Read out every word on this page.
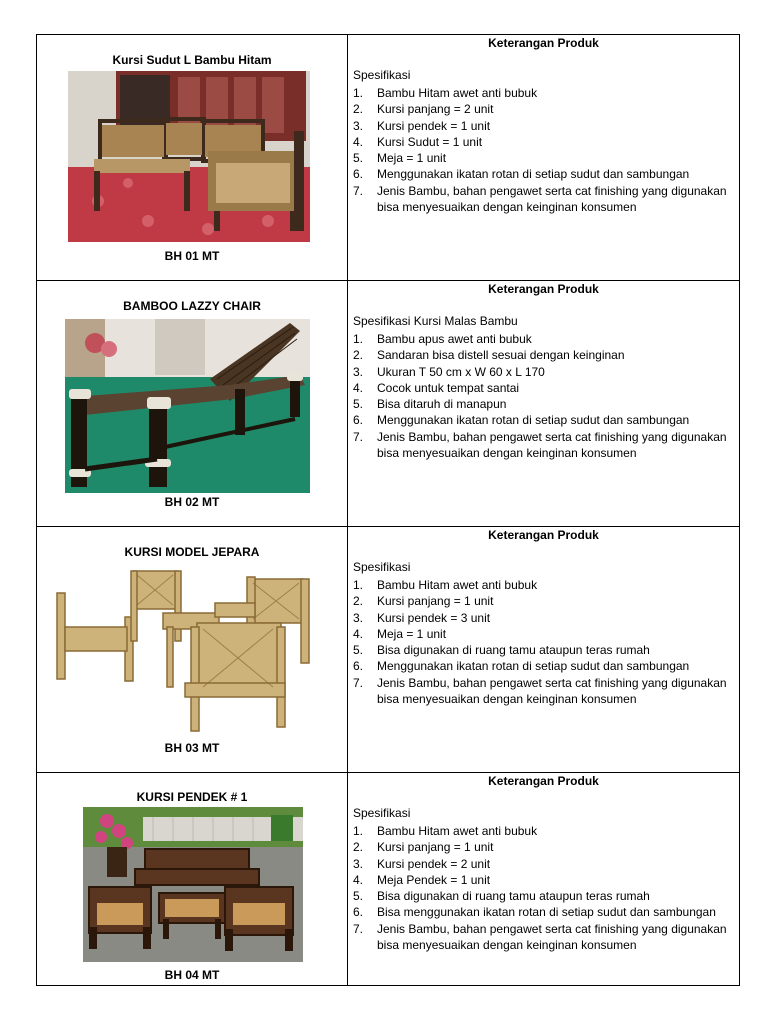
Kursi Sudut L Bambu Hitam
BH 01 MT
Keterangan Produk
Spesifikasi
1. Bambu Hitam awet anti bubuk
2. Kursi panjang = 2 unit
3. Kursi pendek = 1 unit
4. Kursi Sudut = 1 unit
5. Meja = 1 unit
6. Menggunakan ikatan rotan di setiap sudut dan sambungan
7. Jenis Bambu, bahan pengawet serta cat finishing yang digunakan bisa menyesuaikan dengan keinginan konsumen
BAMBOO LAZZY CHAIR
BH 02 MT
Keterangan Produk
Spesifikasi Kursi Malas Bambu
1. Bambu apus awet anti bubuk
2. Sandaran bisa distell sesuai dengan keinginan
3. Ukuran T 50 cm x W 60 x L 170
4. Cocok untuk tempat santai
5. Bisa ditaruh di manapun
6. Menggunakan ikatan rotan di setiap sudut dan sambungan
7. Jenis Bambu, bahan pengawet serta cat finishing yang digunakan bisa menyesuaikan dengan keinginan konsumen
KURSI MODEL JEPARA
BH 03 MT
Keterangan Produk
Spesifikasi
1. Bambu Hitam awet anti bubuk
2. Kursi panjang = 1 unit
3. Kursi pendek = 3 unit
4. Meja = 1 unit
5. Bisa digunakan di ruang tamu ataupun teras rumah
6. Menggunakan ikatan rotan di setiap sudut dan sambungan
7. Jenis Bambu, bahan pengawet serta cat finishing yang digunakan bisa menyesuaikan dengan keinginan konsumen
KURSI PENDEK # 1
BH 04 MT
Keterangan Produk
Spesifikasi
1. Bambu Hitam awet anti bubuk
2. Kursi panjang = 1 unit
3. Kursi pendek = 2 unit
4. Meja Pendek = 1 unit
5. Bisa digunakan di ruang tamu ataupun teras rumah
6. Bisa menggunakan ikatan rotan di setiap sudut dan sambungan
7. Jenis Bambu, bahan pengawet serta cat finishing yang digunakan bisa menyesuaikan dengan keinginan konsumen
